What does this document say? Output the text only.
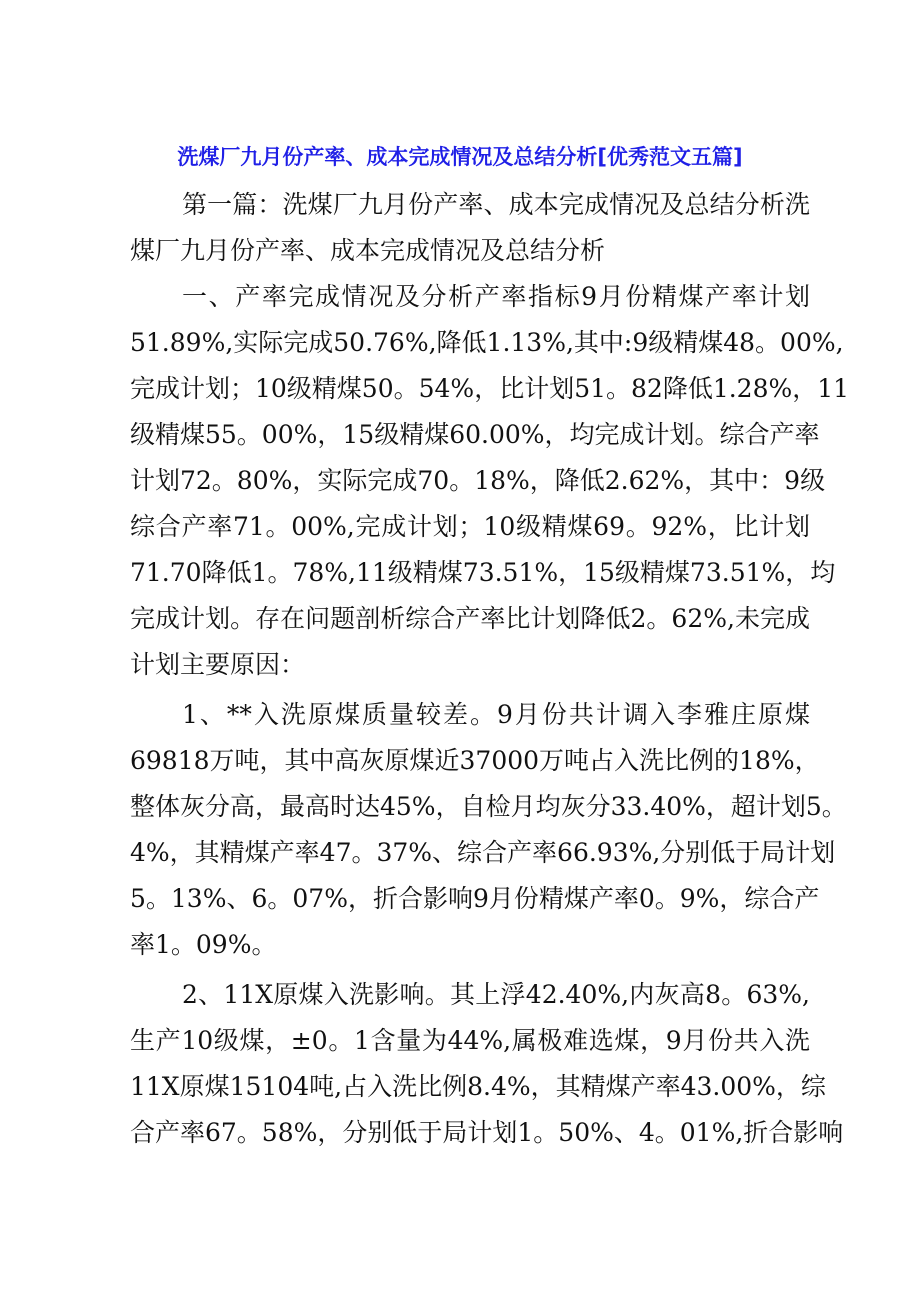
洗煤厂九月份产率、成本完成情况及总结分析[优秀范文五篇]
第一篇：洗煤厂九月份产率、成本完成情况及总结分析洗
煤厂九月份产率、成本完成情况及总结分析
一、产率完成情况及分析产率指标9月份精煤产率计划
51.89%,实际完成50.76%,降低1.13%,其中:9级精煤48。00%,
完成计划；10级精煤50。54%，比计划51。82降低1.28%，11
级精煤55。00%，15级精煤60.00%，均完成计划。综合产率
计划72。80%，实际完成70。18%，降低2.62%，其中：9级
综合产率71。00%,完成计划；10级精煤69。92%，比计划
71.70降低1。78%,11级精煤73.51%，15级精煤73.51%，均
完成计划。存在问题剖析综合产率比计划降低2。62%,未完成
计划主要原因：
1、**入洗原煤质量较差。9月份共计调入李雅庄原煤
69818万吨，其中高灰原煤近37000万吨占入洗比例的18%，
整体灰分高，最高时达45%，自检月均灰分33.40%，超计划5。
4%，其精煤产率47。37%、综合产率66.93%,分别低于局计划
5。13%、6。07%，折合影响9月份精煤产率0。9%，综合产
率1。09%。
2、11X原煤入洗影响。其上浮42.40%,内灰高8。63%,
生产10级煤，±0。1含量为44%,属极难选煤，9月份共入洗
11X原煤15104吨,占入洗比例8.4%，其精煤产率43.00%，综
合产率67。58%，分别低于局计划1。50%、4。01%,折合影响
